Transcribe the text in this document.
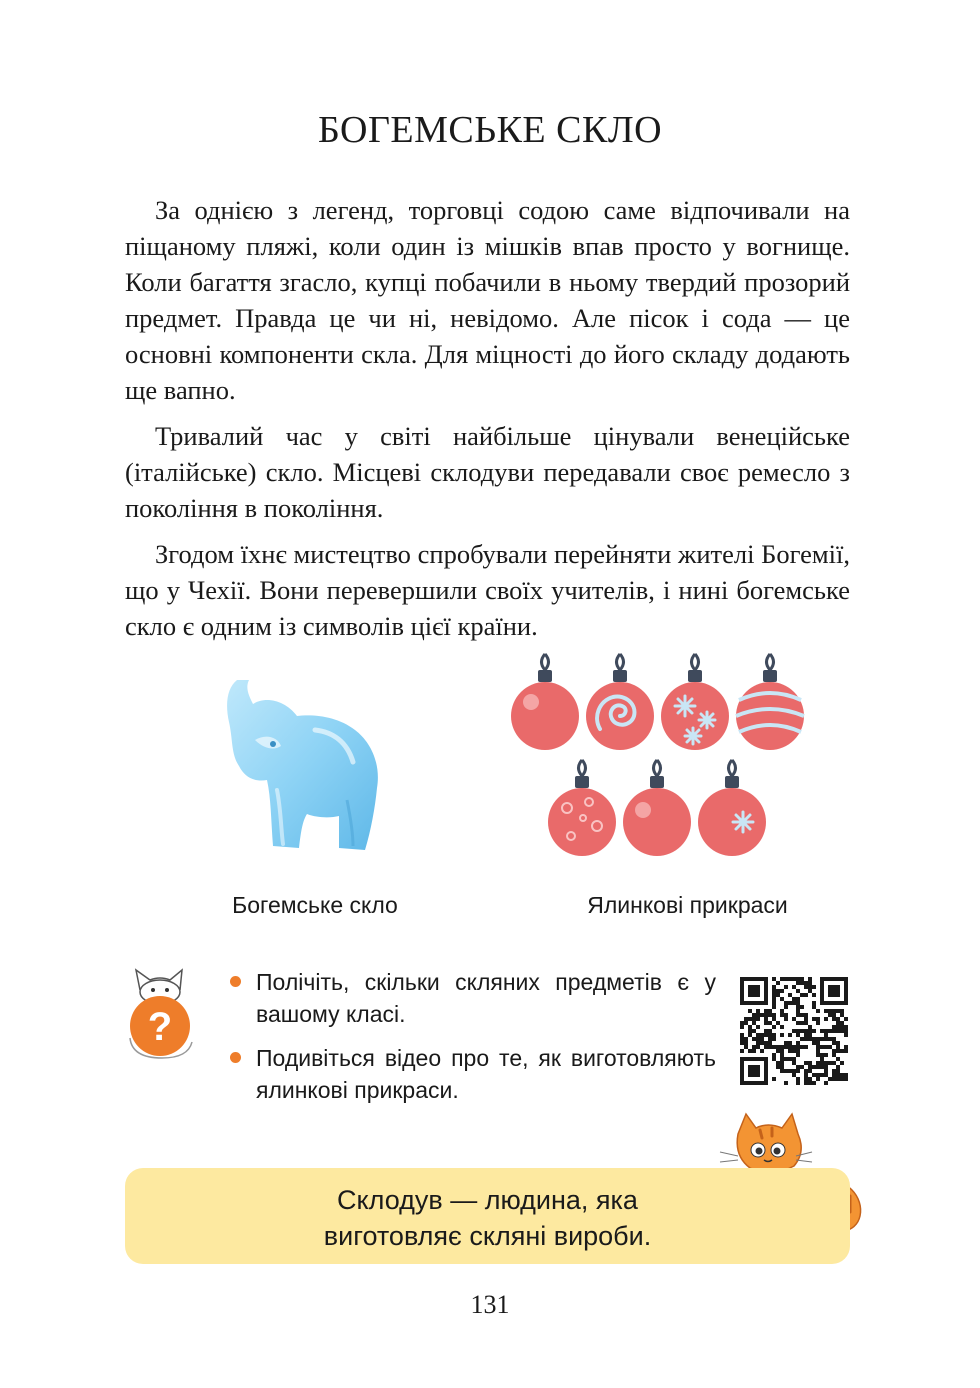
БОГЕМСЬКЕ СКЛО

За однією з легенд, торговці содою саме відпочивали на піщаному пляжі, коли один із мішків впав просто у вогнище. Коли багаття згасло, купці побачили в ньому твердий прозорий предмет. Правда це чи ні, невідомо. Але пісок і сода — це основні компоненти скла. Для міцності до його складу додають ще вапно.

Тривалий час у світі найбільше цінували венеційське (італійське) скло. Місцеві склодуви передавали своє ремесло з покоління в покоління.

Згодом їхнє мистецтво спробували перейняти жителі Богемії, що у Чехії. Вони перевершили своїх учителів, і нині богемське скло є одним із символів цієї країни.

Богемське скло	Ялинкові прикраси
?
Полічіть, скільки скляних предметів є у вашому класі.
Подивіться відео про те, як виготовляють ялинкові прикраси.
Склодув — людина, яка
виготовляє скляні вироби.
131
